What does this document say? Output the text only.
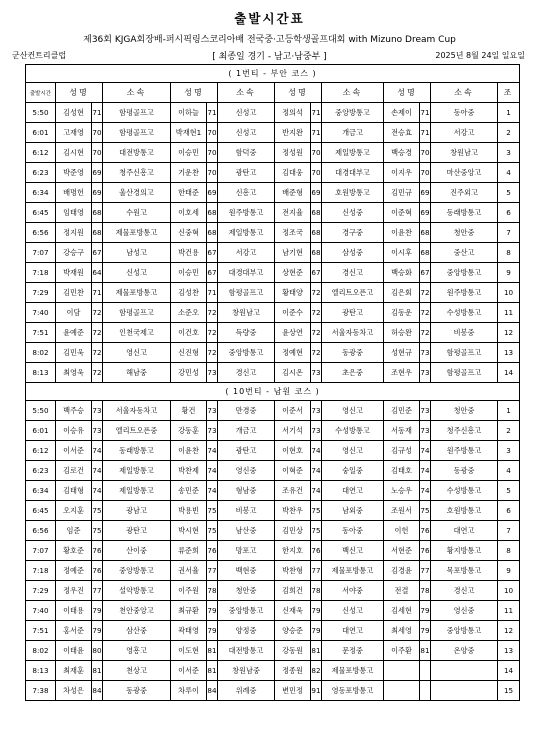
출발시간표
제36회 KJGA회장배-퍼시픽링스코리아배 전국중·고등학생골프대회 with Mizuno Dream Cup
군산컨트리클럽	[ 최종일 경기 - 남고·남중부 ]	2025년 8월 24일 일요일
( 1번티 - 부안 코스 )													
출발시간	성명		소속	성명		소속	성명		소속	성명		소속	조
5:50	김성현	71	함평골프고	이하늘	71	신성고	정의석	71	중앙방통고	손제이	71	동아중	1
6:01	고재영	70	함평골프고	박재현1	70	신성고	반지완	71	개금고	전승효	71	서강고	2
6:12	김시현	70	대전방통고	이승민	70	함덕중	정성원	70	제일방통고	백승경	70	창원남고	3
6:23	박준영	69	청주신흥고	기운찬	70	광탄고	김대웅	70	대경대부고	이지우	70	마산중앙고	4
6:34	배명헌	69	울산경의고	한태준	69	신흥고	배준형	69	호원방통고	김민규	69	진주외고	5
6:45	임태영	68	수원고	이호세	68	원주방통고	전지율	68	신성중	이준혁	69	동래방통고	6
6:56	정지원	68	제물포방통고	신중혁	68	제일방통고	정조국	68	경구중	이윤찬	68	청안중	7
7:07	강승구	67	남성고	박건용	67	서강고	남기현	68	삼성중	이시후	68	중산고	8
7:18	박재원	64	신성고	이승민	67	대경대부고	상현준	67	경신고	백승화	67	중앙방통고	9
7:29	김민찬	71	제물포방통고	김성찬	71	함평골프고	황태양	72	엘리트오픈고	김은회	72	원주방통고	10
7:40	이담	72	함평골프고	소준오	72	창원남고	이준수	72	광탄고	김동운	72	수성방통고	11
7:51	윤예준	72	인천국제고	이건호	72	득량중	윤상연	72	서울자동차고	허승완	72	비봉중	12
8:02	김민욱	72	영신고	신진형	72	중앙방통고	정예현	72	동광중	성현규	73	함평골프고	13
8:13	최영욱	72	해남중	강민성	73	경신고	김시온	73	초은중	조현우	73	함평골프고	14
( 10번티 - 남원 코스 )													
5:50	백주승	73	서울자동차고	황건	73	만경중	이준서	73	영신고	김민준	73	청안중	1
6:01	이승유	73	엘리트오픈중	강동훈	73	개금고	서기석	73	수성방통고	서동재	73	청주신흥고	2
6:12	이서준	74	동래방통고	이윤찬	74	광탄고	이현호	74	영신고	김규성	74	원주방통고	3
6:23	김로건	74	제일방통고	박찬제	74	영신중	이혁준	74	숭일중	김태호	74	동광중	4
6:34	김태형	74	제일방통고	송민준	74	형남중	조유건	74	대연고	노승우	74	수성방통고	5
6:45	오지훈	75	광남고	박용빈	75	비봉고	박찬우	75	남외중	조원서	75	호원방통고	6
6:56	임준	75	광탄고	박시현	75	남산중	김민상	75	동아중	이헌	76	대연고	7
7:07	황호준	76	산이중	류준희	76	망포고	한지호	76	백신고	서현준	76	황지방통고	8
7:18	정예준	76	중앙방통고	권서율	77	백현중	박찬형	77	제물포방통고	김경윤	77	목포방통고	9
7:29	정우진	77	설악방통고	이주원	78	청안중	김희건	78	서야중	전결	78	경신고	10
7:40	이태용	79	천안중앙고	최규환	79	중앙방통고	신재욱	79	신성고	김세현	79	영신중	11
7:51	홍서준	79	삼산중	곽태영	79	양정중	양승준	79	대연고	최세영	79	중앙방통고	12
8:02	이태윤	80	영흥고	이도현	81	대전방통고	강동원	81	문정중	이주환	81	온양중	13
8:13	최재훈	81	천상고	이서준	81	창원남중	정종원	82	제물포방통고				14
7:38	차성은	84	동광중	차루이	84	위례중	변민정	91	영동포방통고				15
